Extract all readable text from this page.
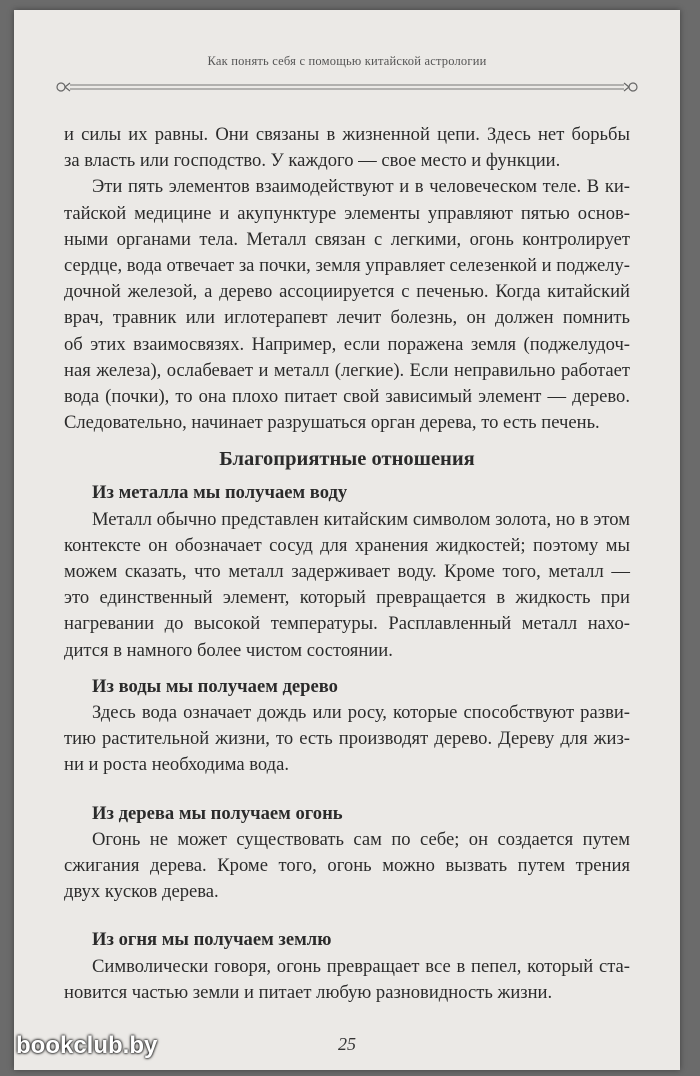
Как понять себя с помощью китайской астрологии

и силы их равны. Они связаны в жизненной цепи. Здесь нет борьбы
за власть или господство. У каждого — свое место и функции.

Эти пять элементов взаимодействуют и в человеческом теле. В ки-
тайской медицине и акупунктуре элементы управляют пятью основ-
ными органами тела. Металл связан с легкими, огонь контролирует
сердце, вода отвечает за почки, земля управляет селезенкой и поджелу-
дочной железой, а дерево ассоциируется с печенью. Когда китайский
врач, травник или иглотерапевт лечит болезнь, он должен помнить
об этих взаимосвязях. Например, если поражена земля (поджелудоч-
ная железа), ослабевает и металл (легкие). Если неправильно работает
вода (почки), то она плохо питает свой зависимый элемент — дерево.
Следовательно, начинает разрушаться орган дерева, то есть печень.

Благоприятные отношения
Из металла мы получаем воду

Металл обычно представлен китайским символом золота, но в этом
контексте он обозначает сосуд для хранения жидкостей; поэтому мы
можем сказать, что металл задерживает воду. Кроме того, металл —
это единственный элемент, который превращается в жидкость при
нагревании до высокой температуры. Расплавленный металл нахо-
дится в намного более чистом состоянии.

Из воды мы получаем дерево

Здесь вода означает дождь или росу, которые способствуют разви-
тию растительной жизни, то есть производят дерево. Дереву для жиз-
ни и роста необходима вода.

Из дерева мы получаем огонь

Огонь не может существовать сам по себе; он создается путем
сжигания дерева. Кроме того, огонь можно вызвать путем трения
двух кусков дерева.

Из огня мы получаем землю

Символически говоря, огонь превращает все в пепел, который ста-
новится частью земли и питает любую разновидность жизни.

25
bookclub.by
